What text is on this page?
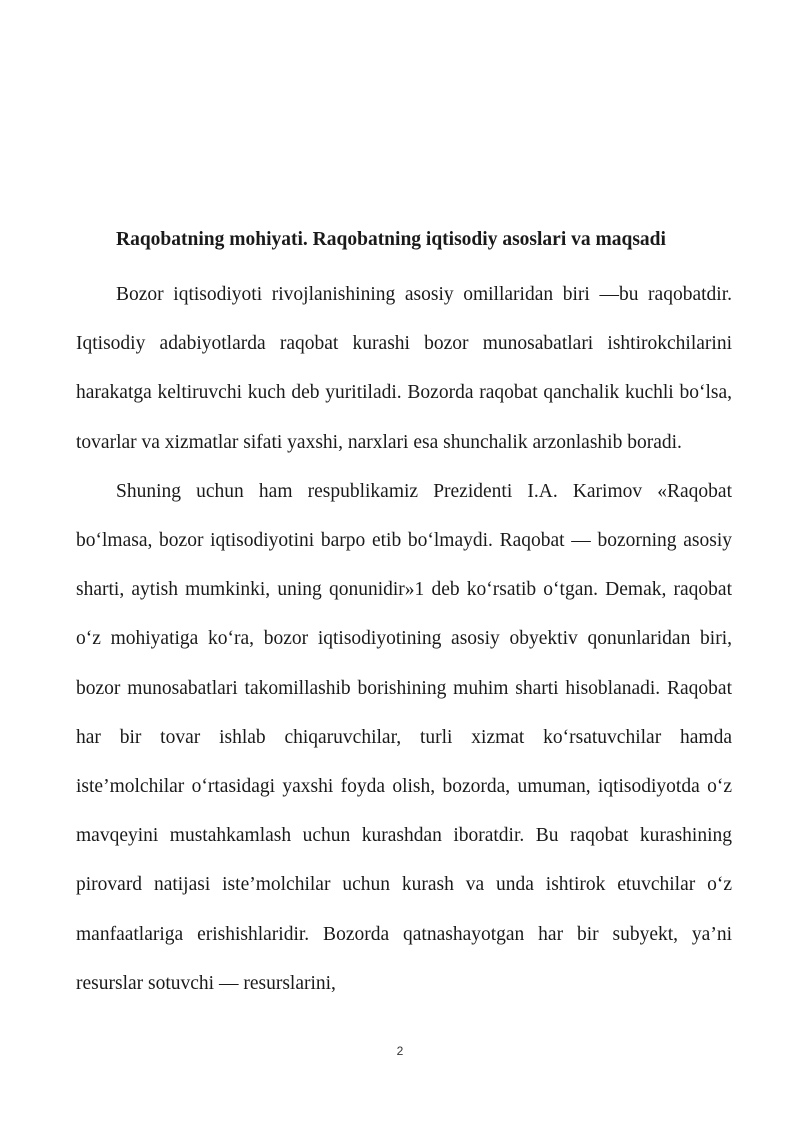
Raqobatning mohiyati. Raqobatning iqtisodiy asoslari va maqsadi

Bozor iqtisodiyoti rivojlanishining asosiy omillaridan biri —bu raqobatdir. Iqtisodiy adabiyotlarda raqobat kurashi bozor munosabatlari ishtirokchilarini harakatga keltiruvchi kuch deb yuritiladi. Bozorda raqobat qanchalik kuchli bo‘lsa, tovarlar va xizmatlar sifati yaxshi, narxlari esa shunchalik arzonlashib boradi.

Shuning uchun ham respublikamiz Prezidenti I.A. Karimov «Raqobat bo‘lmasa, bozor iqtisodiyotini barpo etib bo‘lmaydi. Raqobat — bozorning asosiy sharti, aytish mumkinki, uning qonunidir»1 deb ko‘rsatib o‘tgan. Demak, raqobat o‘z mohiyatiga ko‘ra, bozor iqtisodiyotining asosiy obyektiv qonunlaridan biri, bozor munosabatlari takomillashib borishining muhim sharti hisoblanadi. Raqobat har bir tovar ishlab chiqaruvchilar, turli xizmat ko‘rsatuvchilar hamda iste’molchilar o‘rtasidagi yaxshi foyda olish, bozorda, umuman, iqtisodiyotda o‘z mavqeyini mustahkamlash uchun kurashdan iboratdir. Bu raqobat kurashining pirovard natijasi iste’molchilar uchun kurash va unda ishtirok etuvchilar o‘z manfaatlariga erishishlaridir. Bozorda qatnashayotgan har bir subyekt, ya’ni resurslar sotuvchi — resurslarini,

2
